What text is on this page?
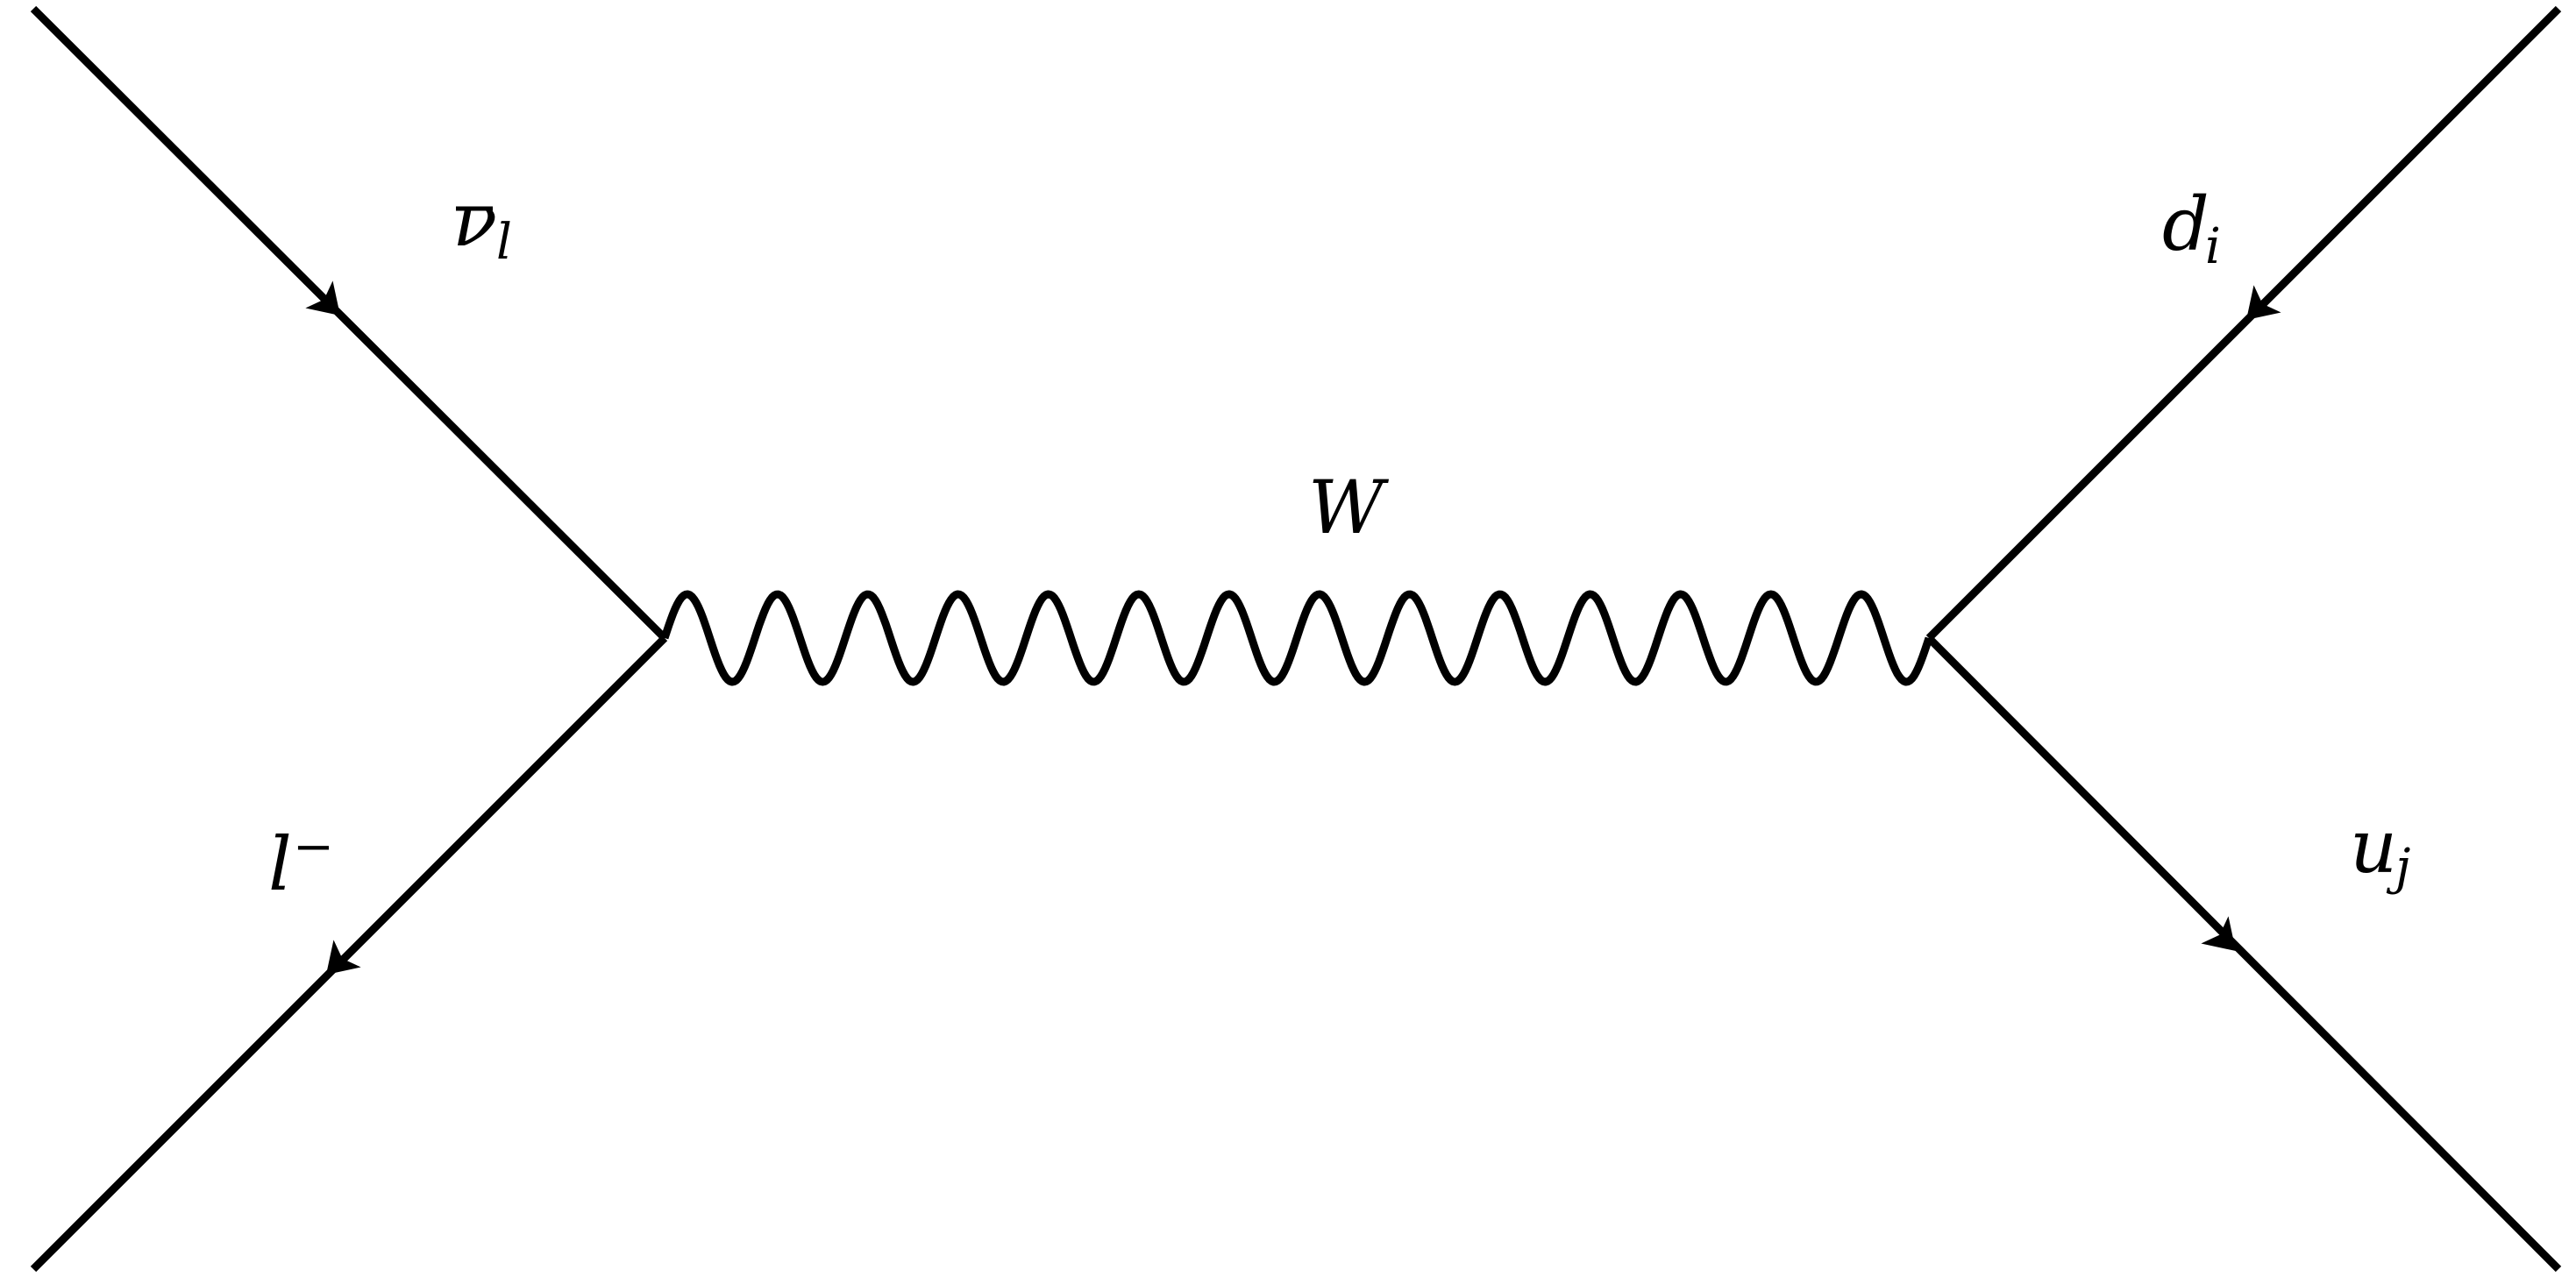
ν
l
l −
d
i
u
j
W
